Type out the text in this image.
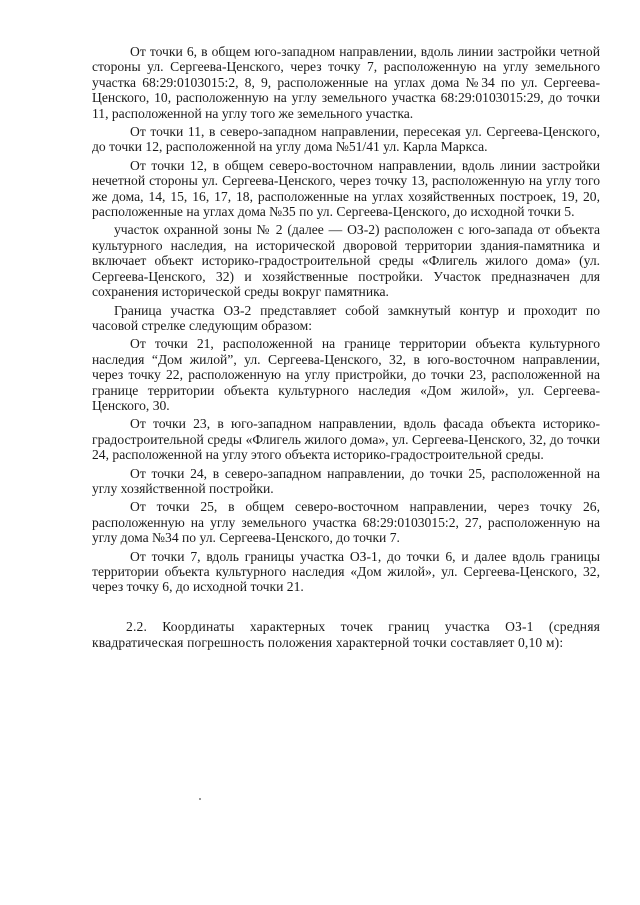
От точки 6, в общем юго-западном направлении, вдоль линии застройки четной стороны ул. Сергеева-Ценского, через точку 7, расположенную на углу земельного участка 68:29:0103015:2, 8, 9, расположенные на углах дома №34 по ул. Сергеева-Ценского, 10, расположенную на углу земельного участка 68:29:0103015:29, до точки 11, расположенной на углу того же земельного участка.

От точки 11, в северо-западном направлении, пересекая ул. Сергеева-Ценского, до точки 12, расположенной на углу дома №51/41 ул. Карла Маркса.

От точки 12, в общем северо-восточном направлении, вдоль линии застройки нечетной стороны ул. Сергеева-Ценского, через точку 13, расположенную на углу того же дома, 14, 15, 16, 17, 18, расположенные на углах хозяйственных построек, 19, 20, расположенные на углах дома №35 по ул. Сергеева-Ценского, до исходной точки 5.

участок охранной зоны № 2 (далее — ОЗ-2) расположен с юго-запада от объекта культурного наследия, на исторической дворовой территории здания-памятника и включает объект историко-градостроительной среды «Флигель жилого дома» (ул. Сергеева-Ценского, 32) и хозяйственные постройки. Участок предназначен для сохранения исторической среды вокруг памятника.

Граница участка ОЗ-2 представляет собой замкнутый контур и проходит по часовой стрелке следующим образом:

От точки 21, расположенной на границе территории объекта культурного наследия “Дом жилой”, ул. Сергеева-Ценского, 32, в юго-восточном направлении, через точку 22, расположенную на углу пристройки, до точки 23, расположенной на границе территории объекта культурного наследия «Дом жилой», ул. Сергеева-Ценского, 30.

От точки 23, в юго-западном направлении, вдоль фасада объекта историко-градостроительной среды «Флигель жилого дома», ул. Сергеева-Ценского, 32, до точки 24, расположенной на углу этого объекта историко-градостроительной среды.

От точки 24, в северо-западном направлении, до точки 25, расположенной на углу хозяйственной постройки.

От точки 25, в общем северо-восточном направлении, через точку 26, расположенную на углу земельного участка 68:29:0103015:2, 27, расположенную на углу дома №34 по ул. Сергеева-Ценского, до точки 7.

От точки 7, вдоль границы участка ОЗ-1, до точки 6, и далее вдоль границы территории объекта культурного наследия «Дом жилой», ул. Сергеева-Ценского, 32, через точку 6, до исходной точки 21.

2.2. Координаты характерных точек границ участка ОЗ-1 (средняя квадратическая погрешность положения характерной точки составляет 0,10 м):
